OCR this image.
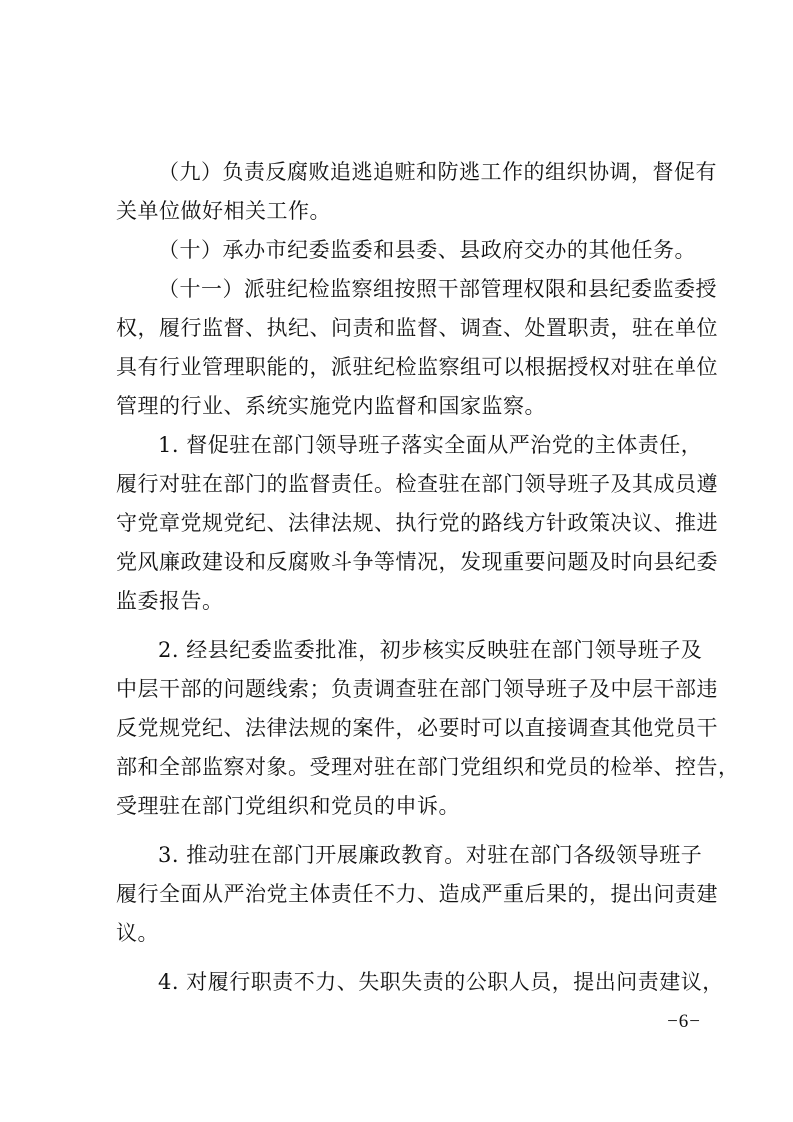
（九）负责反腐败追逃追赃和防逃工作的组织协调，督促有
关单位做好相关工作。
（十）承办市纪委监委和县委、县政府交办的其他任务。
（十一）派驻纪检监察组按照干部管理权限和县纪委监委授
权，履行监督、执纪、问责和监督、调查、处置职责，驻在单位
具有行业管理职能的，派驻纪检监察组可以根据授权对驻在单位
管理的行业、系统实施党内监督和国家监察。
1. 督促驻在部门领导班子落实全面从严治党的主体责任，
履行对驻在部门的监督责任。检查驻在部门领导班子及其成员遵
守党章党规党纪、法律法规、执行党的路线方针政策决议、推进
党风廉政建设和反腐败斗争等情况，发现重要问题及时向县纪委
监委报告。
2. 经县纪委监委批准，初步核实反映驻在部门领导班子及
中层干部的问题线索；负责调查驻在部门领导班子及中层干部违
反党规党纪、法律法规的案件，必要时可以直接调查其他党员干
部和全部监察对象。受理对驻在部门党组织和党员的检举、控告，
受理驻在部门党组织和党员的申诉。
3. 推动驻在部门开展廉政教育。对驻在部门各级领导班子
履行全面从严治党主体责任不力、造成严重后果的，提出问责建
议。
4. 对履行职责不力、失职失责的公职人员，提出问责建议，
−6−
